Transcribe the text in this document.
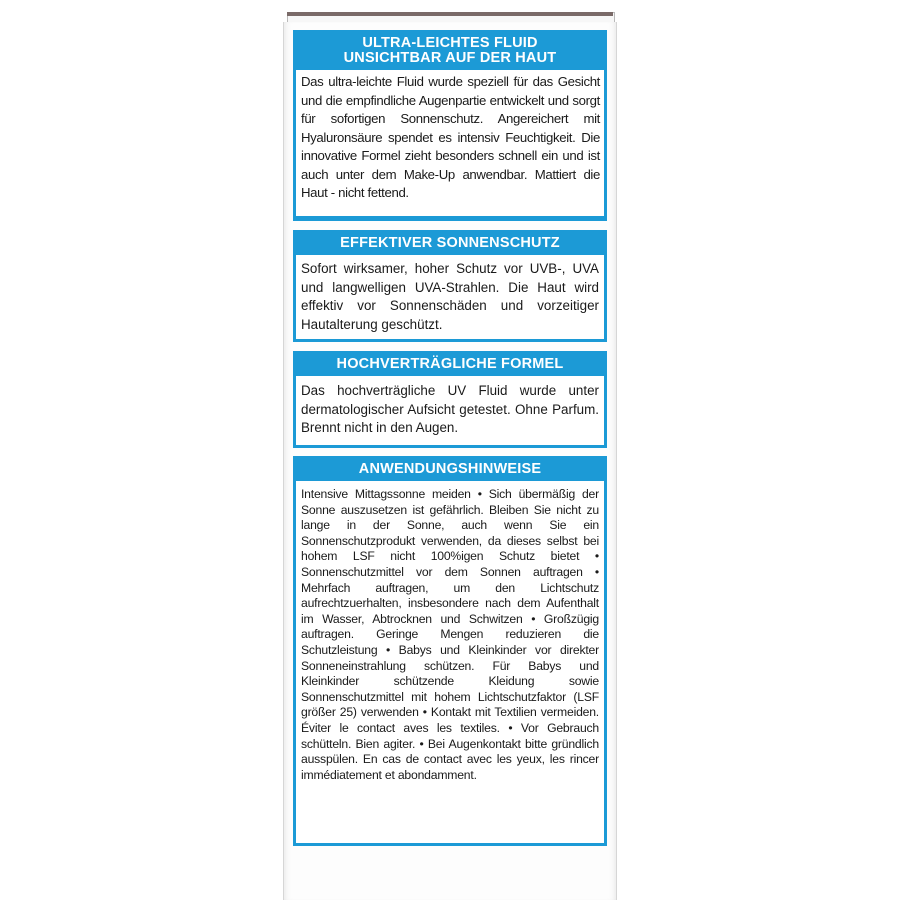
ULTRA-LEICHTES FLUID
UNSICHTBAR AUF DER HAUT
Das ultra-leichte Fluid wurde speziell für das Gesicht und die empfindliche Augenpartie entwickelt und sorgt für sofortigen Sonnenschutz. Angereichert mit Hyaluronsäure spendet es intensiv Feuchtigkeit. Die innovative Formel zieht besonders schnell ein und ist auch unter dem Make-Up anwendbar. Mattiert die Haut - nicht fettend.
EFFEKTIVER SONNENSCHUTZ
Sofort wirksamer, hoher Schutz vor UVB-, UVA und langwelligen UVA-Strahlen. Die Haut wird effektiv vor Sonnenschäden und vorzeitiger Hautalterung geschützt.
HOCHVERTRÄGLICHE FORMEL
Das hochverträgliche UV Fluid wurde unter dermatologischer Aufsicht getestet. Ohne Parfum. Brennt nicht in den Augen.
ANWENDUNGSHINWEISE
Intensive Mittagssonne meiden • Sich übermäßig der Sonne auszusetzen ist gefährlich. Bleiben Sie nicht zu lange in der Sonne, auch wenn Sie ein Sonnenschutzprodukt verwenden, da dieses selbst bei hohem LSF nicht 100%igen Schutz bietet • Sonnenschutzmittel vor dem Sonnen auftragen • Mehrfach auftragen, um den Lichtschutz aufrechtzuerhalten, insbesondere nach dem Aufenthalt im Wasser, Abtrocknen und Schwitzen • Großzügig auftragen. Geringe Mengen reduzieren die Schutzleistung • Babys und Kleinkinder vor direkter Sonneneinstrahlung schützen. Für Babys und Kleinkinder schützende Kleidung sowie Sonnenschutzmittel mit hohem Lichtschutzfaktor (LSF größer 25) verwenden • Kontakt mit Textilien vermeiden. Éviter le contact aves les textiles. • Vor Gebrauch schütteln. Bien agiter. • Bei Augenkontakt bitte gründlich ausspülen. En cas de contact avec les yeux, les rincer immédiatement et abondamment.
